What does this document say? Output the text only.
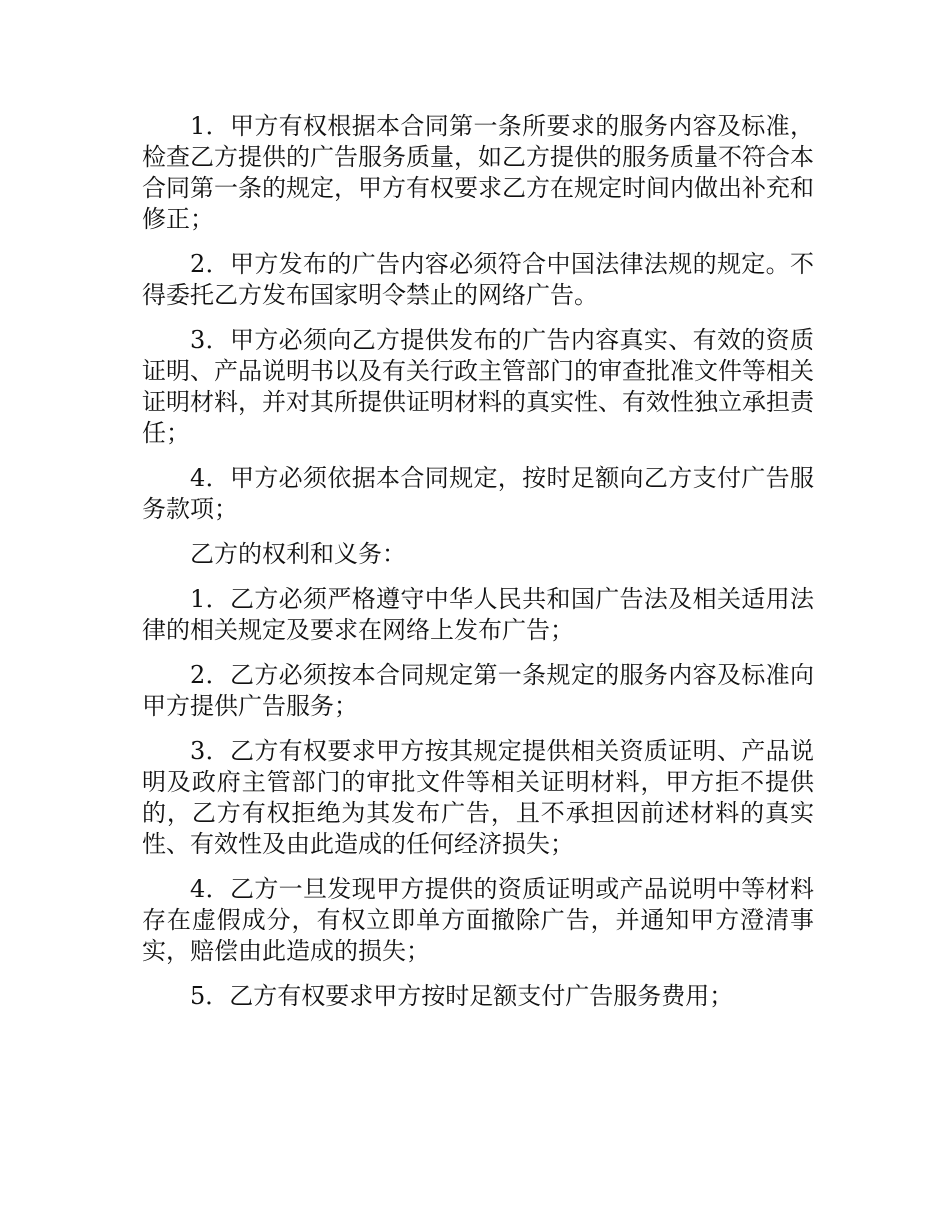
1．甲方有权根据本合同第一条所要求的服务内容及标准，检查乙方提供的广告服务质量，如乙方提供的服务质量不符合本合同第一条的规定，甲方有权要求乙方在规定时间内做出补充和修正；

2．甲方发布的广告内容必须符合中国法律法规的规定。不得委托乙方发布国家明令禁止的网络广告。

3．甲方必须向乙方提供发布的广告内容真实、有效的资质证明、产品说明书以及有关行政主管部门的审查批准文件等相关证明材料，并对其所提供证明材料的真实性、有效性独立承担责任；

4．甲方必须依据本合同规定，按时足额向乙方支付广告服务款项；

乙方的权利和义务：

1．乙方必须严格遵守中华人民共和国广告法及相关适用法律的相关规定及要求在网络上发布广告；

2．乙方必须按本合同规定第一条规定的服务内容及标准向甲方提供广告服务；

3．乙方有权要求甲方按其规定提供相关资质证明、产品说明及政府主管部门的审批文件等相关证明材料，甲方拒不提供的，乙方有权拒绝为其发布广告，且不承担因前述材料的真实性、有效性及由此造成的任何经济损失；

4．乙方一旦发现甲方提供的资质证明或产品说明中等材料存在虚假成分，有权立即单方面撤除广告，并通知甲方澄清事实，赔偿由此造成的损失；

5．乙方有权要求甲方按时足额支付广告服务费用；
